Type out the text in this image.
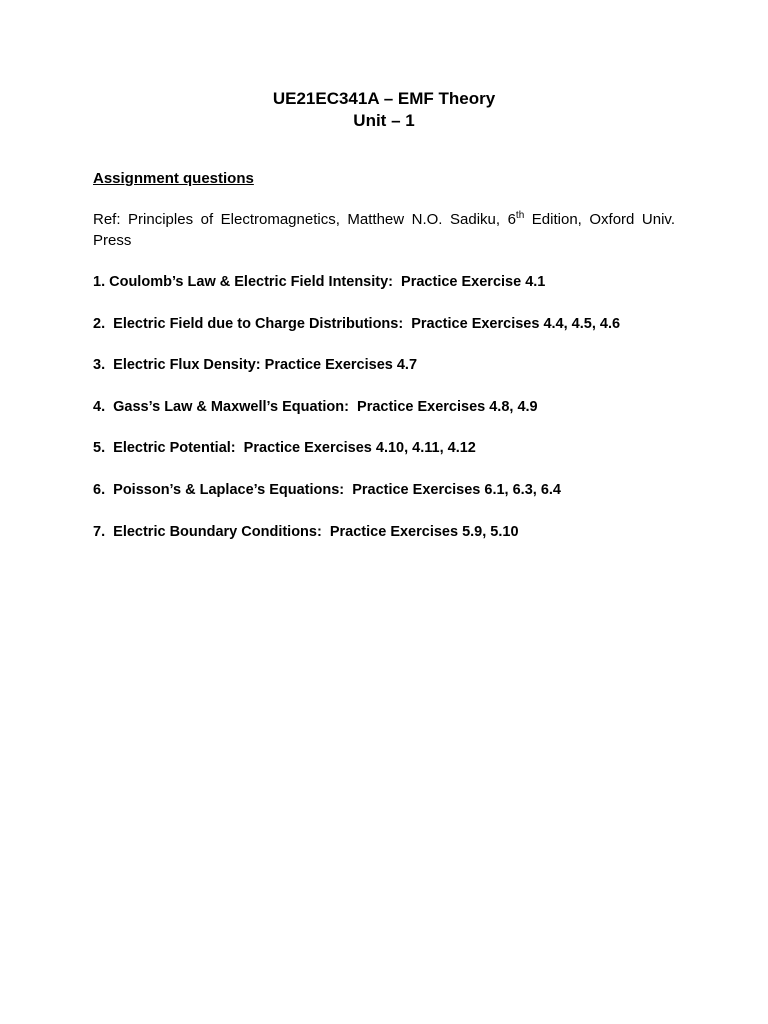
UE21EC341A – EMF Theory
Unit – 1
Assignment questions
Ref: Principles of Electromagnetics, Matthew N.O. Sadiku, 6th Edition, Oxford Univ. Press
1. Coulomb’s Law & Electric Field Intensity:  Practice Exercise 4.1
2.  Electric Field due to Charge Distributions:  Practice Exercises 4.4, 4.5, 4.6
3.  Electric Flux Density: Practice Exercises 4.7
4.  Gass’s Law & Maxwell’s Equation:  Practice Exercises 4.8, 4.9
5.  Electric Potential:  Practice Exercises 4.10, 4.11, 4.12
6.  Poisson’s & Laplace’s Equations:  Practice Exercises 6.1, 6.3, 6.4
7.  Electric Boundary Conditions:  Practice Exercises 5.9, 5.10
